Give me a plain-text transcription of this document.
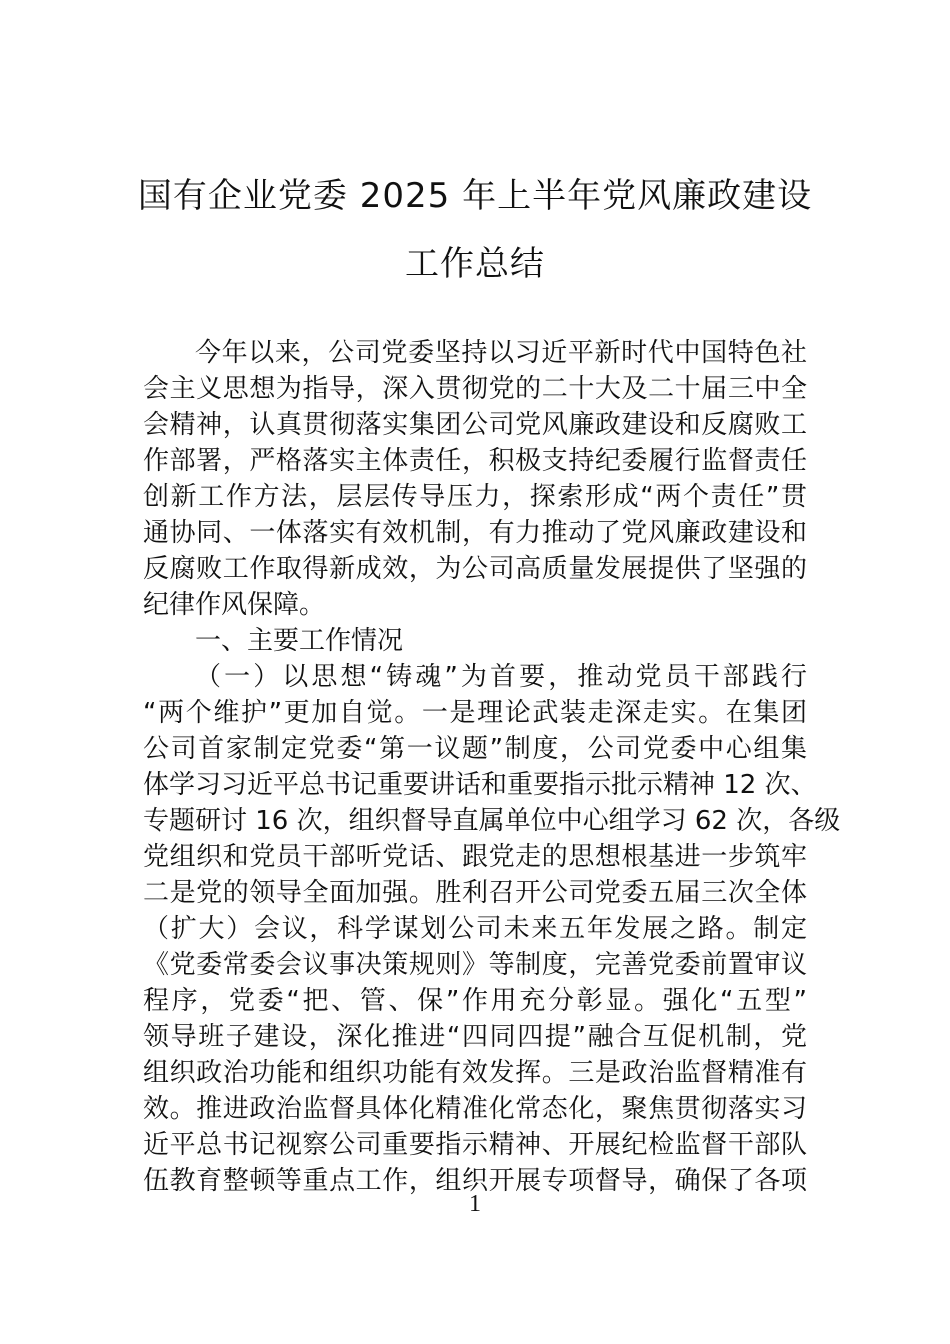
国有企业党委 2025 年上半年党风廉政建设
工作总结
今年以来，公司党委坚持以习近平新时代中国特色社
会主义思想为指导，深入贯彻党的二十大及二十届三中全
会精神，认真贯彻落实集团公司党风廉政建设和反腐败工
作部署，严格落实主体责任，积极支持纪委履行监督责任
创新工作方法，层层传导压力，探索形成“两个责任”贯
通协同、一体落实有效机制，有力推动了党风廉政建设和
反腐败工作取得新成效，为公司高质量发展提供了坚强的
纪律作风保障。
一、主要工作情况
（一）以思想“铸魂”为首要，推动党员干部践行
“两个维护”更加自觉。一是理论武装走深走实。在集团
公司首家制定党委“第一议题”制度，公司党委中心组集
体学习习近平总书记重要讲话和重要指示批示精神 12 次、
专题研讨 16 次，组织督导直属单位中心组学习 62 次，各级
党组织和党员干部听党话、跟党走的思想根基进一步筑牢
二是党的领导全面加强。胜利召开公司党委五届三次全体
（扩大）会议，科学谋划公司未来五年发展之路。制定
《党委常委会议事决策规则》等制度，完善党委前置审议
程序，党委“把、管、保”作用充分彰显。强化“五型”
领导班子建设，深化推进“四同四提”融合互促机制，党
组织政治功能和组织功能有效发挥。三是政治监督精准有
效。推进政治监督具体化精准化常态化，聚焦贯彻落实习
近平总书记视察公司重要指示精神、开展纪检监督干部队
伍教育整顿等重点工作，组织开展专项督导，确保了各项
1
